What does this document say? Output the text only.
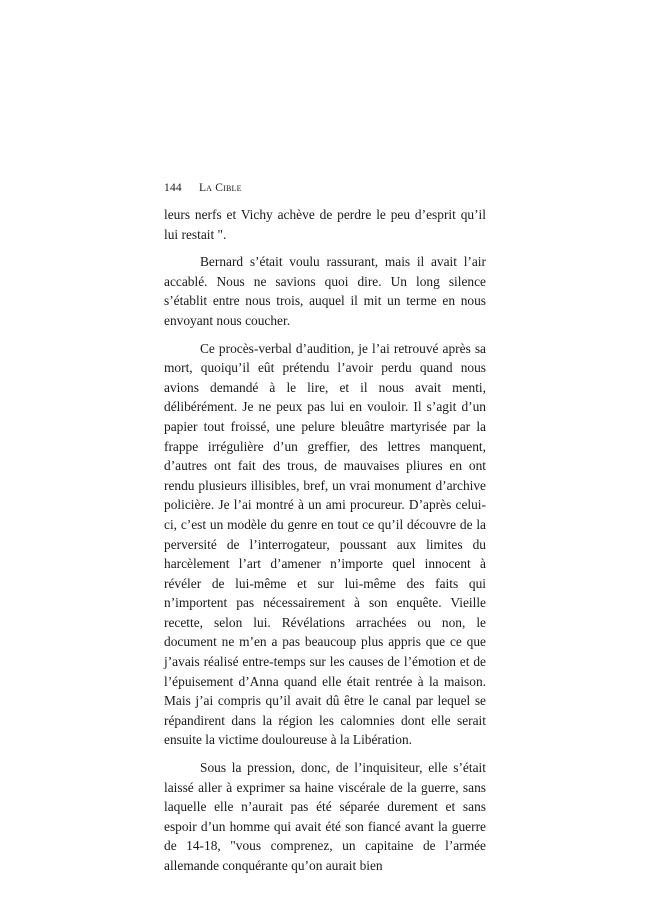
144 La Cible

leurs nerfs et Vichy achève de perdre le peu d’esprit qu’il lui restait ".

Bernard s’était voulu rassurant, mais il avait l’air accablé. Nous ne savions quoi dire. Un long silence s’établit entre nous trois, auquel il mit un terme en nous envoyant nous coucher.

Ce procès-verbal d’audition, je l’ai retrouvé après sa mort, quoiqu’il eût prétendu l’avoir perdu quand nous avions demandé à le lire, et il nous avait menti, délibérément. Je ne peux pas lui en vouloir. Il s’agit d’un papier tout froissé, une pelure bleuâtre martyrisée par la frappe irrégulière d’un greffier, des lettres manquent, d’autres ont fait des trous, de mauvaises pliures en ont rendu plusieurs illisibles, bref, un vrai monument d’archive policière. Je l’ai montré à un ami procureur. D’après celui-ci, c’est un modèle du genre en tout ce qu’il découvre de la perversité de l’interrogateur, poussant aux limites du harcèlement l’art d’amener n’importe quel innocent à révéler de lui-même et sur lui-même des faits qui n’importent pas nécessairement à son enquête. Vieille recette, selon lui. Révélations arrachées ou non, le document ne m’en a pas beaucoup plus appris que ce que j’avais réalisé entre-temps sur les causes de l’émotion et de l’épuisement d’Anna quand elle était rentrée à la maison. Mais j’ai compris qu’il avait dû être le canal par lequel se répandirent dans la région les calomnies dont elle serait ensuite la victime douloureuse à la Libération.

Sous la pression, donc, de l’inquisiteur, elle s’était laissé aller à exprimer sa haine viscérale de la guerre, sans laquelle elle n’aurait pas été séparée durement et sans espoir d’un homme qui avait été son fiancé avant la guerre de 14-18, "vous comprenez, un capitaine de l’armée allemande conquérante qu’on aurait bien
